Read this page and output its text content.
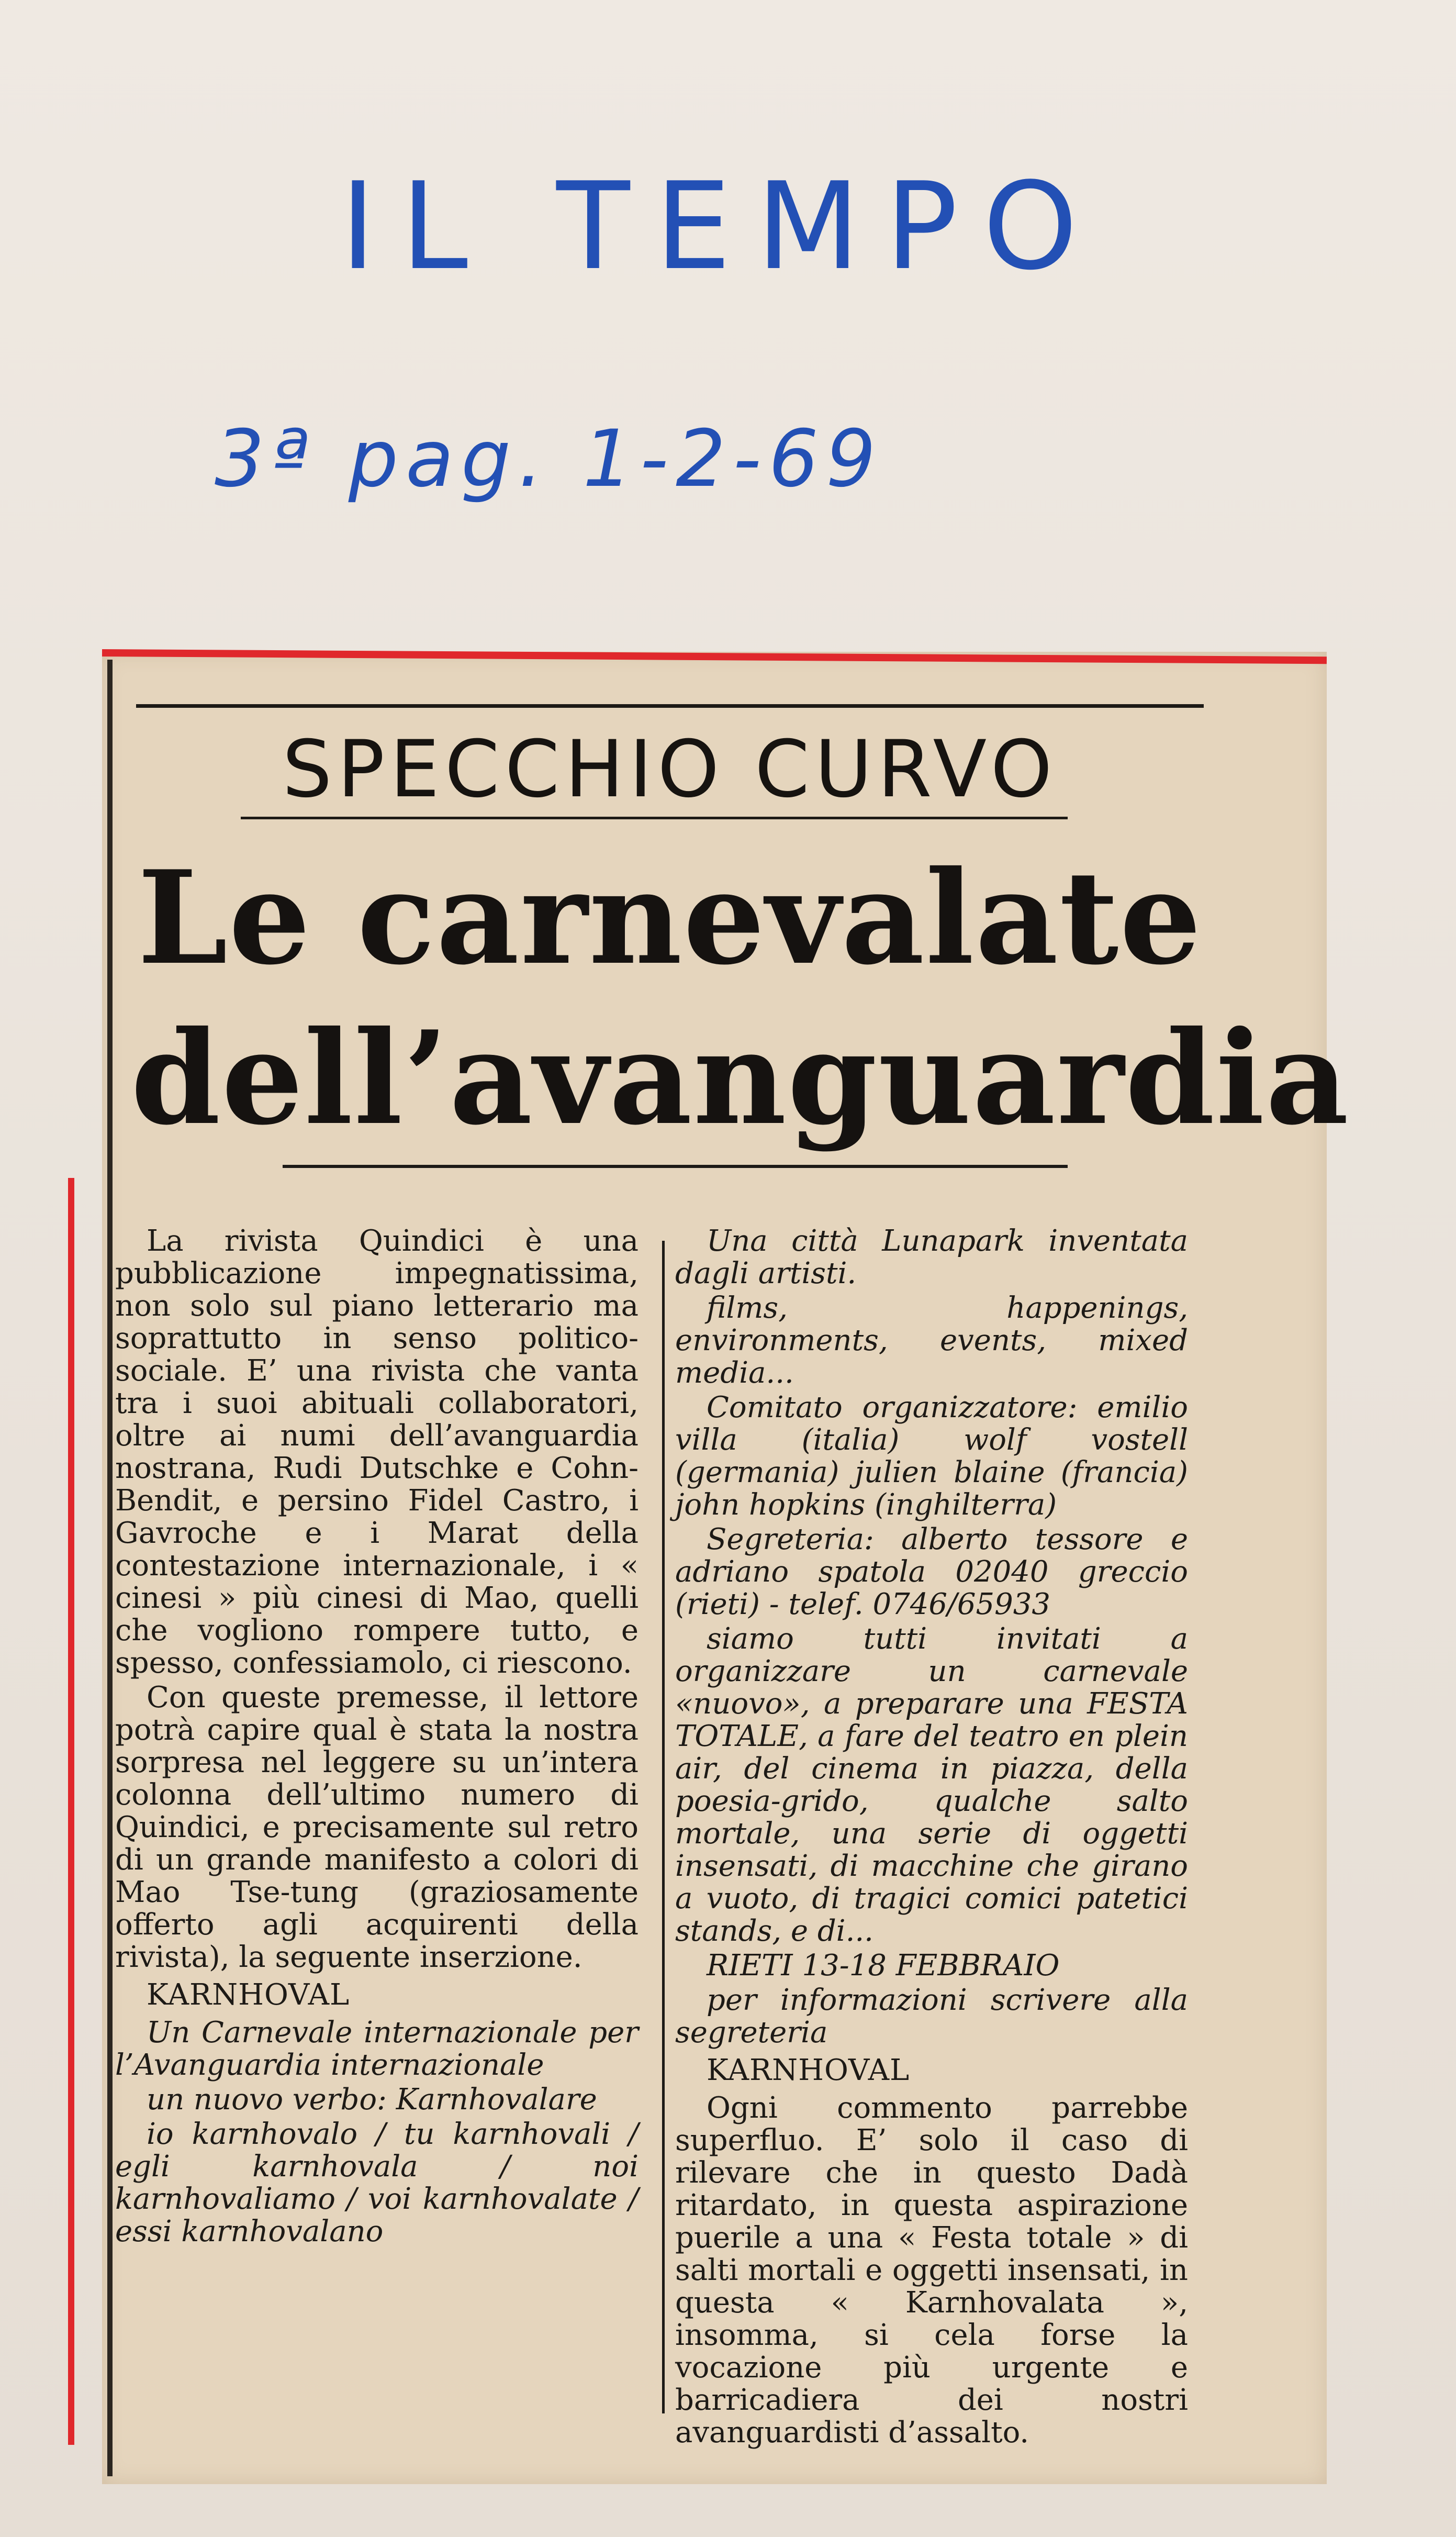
IL TEMPO
3ª pag. 1-2-69
SPECCHIO CURVO
Le carnevalate
dell’avanguardia

La rivista Quindici è una pubblicazione impegnatissima, non solo sul piano letterario ma soprattutto in senso politico-sociale. E’ una rivista che vanta tra i suoi abituali collaboratori, oltre ai numi dell’avanguardia nostrana, Rudi Dutschke e Cohn-Bendit, e persino Fidel Castro, i Gavroche e i Marat della contestazione internazionale, i « cinesi » più cinesi di Mao, quelli che vogliono rompere tutto, e spesso, confessiamolo, ci riescono.

Con queste premesse, il lettore potrà capire qual è stata la nostra sorpresa nel leggere su un’intera colonna dell’ultimo numero di Quindici, e precisamente sul retro di un grande manifesto a colori di Mao Tse-tung (graziosamente offerto agli acquirenti della rivista), la seguente inserzione.

KARNHOVAL

Un Carnevale internazionale per l’Avanguardia internazionale

un nuovo verbo: Karnhovalare

io karnhovalo / tu karnhovali / egli karnhovala / noi karnhovaliamo / voi karnhovalate / essi karnhovalano

Una città Lunapark inventata dagli artisti.

films, happenings, environments, events, mixed media...

Comitato organizzatore: emilio villa (italia) wolf vostell (germania) julien blaine (francia) john hopkins (inghilterra)

Segreteria: alberto tessore e adriano spatola 02040 greccio (rieti) - telef. 0746/65933

siamo tutti invitati a organizzare un carnevale «nuovo», a preparare una FESTA TOTALE, a fare del teatro en plein air, del cinema in piazza, della poesia-grido, qualche salto mortale, una serie di oggetti insensati, di macchine che girano a vuoto, di tragici comici patetici stands, e di...

RIETI 13-18 FEBBRAIO

per informazioni scrivere alla segreteria

KARNHOVAL

Ogni commento parrebbe superfluo. E’ solo il caso di rilevare che in questo Dadà ritardato, in questa aspirazione puerile a una « Festa totale » di salti mortali e oggetti insensati, in questa « Karnhovalata », insomma, si cela forse la vocazione più urgente e barricadiera dei nostri avanguardisti d’assalto.
